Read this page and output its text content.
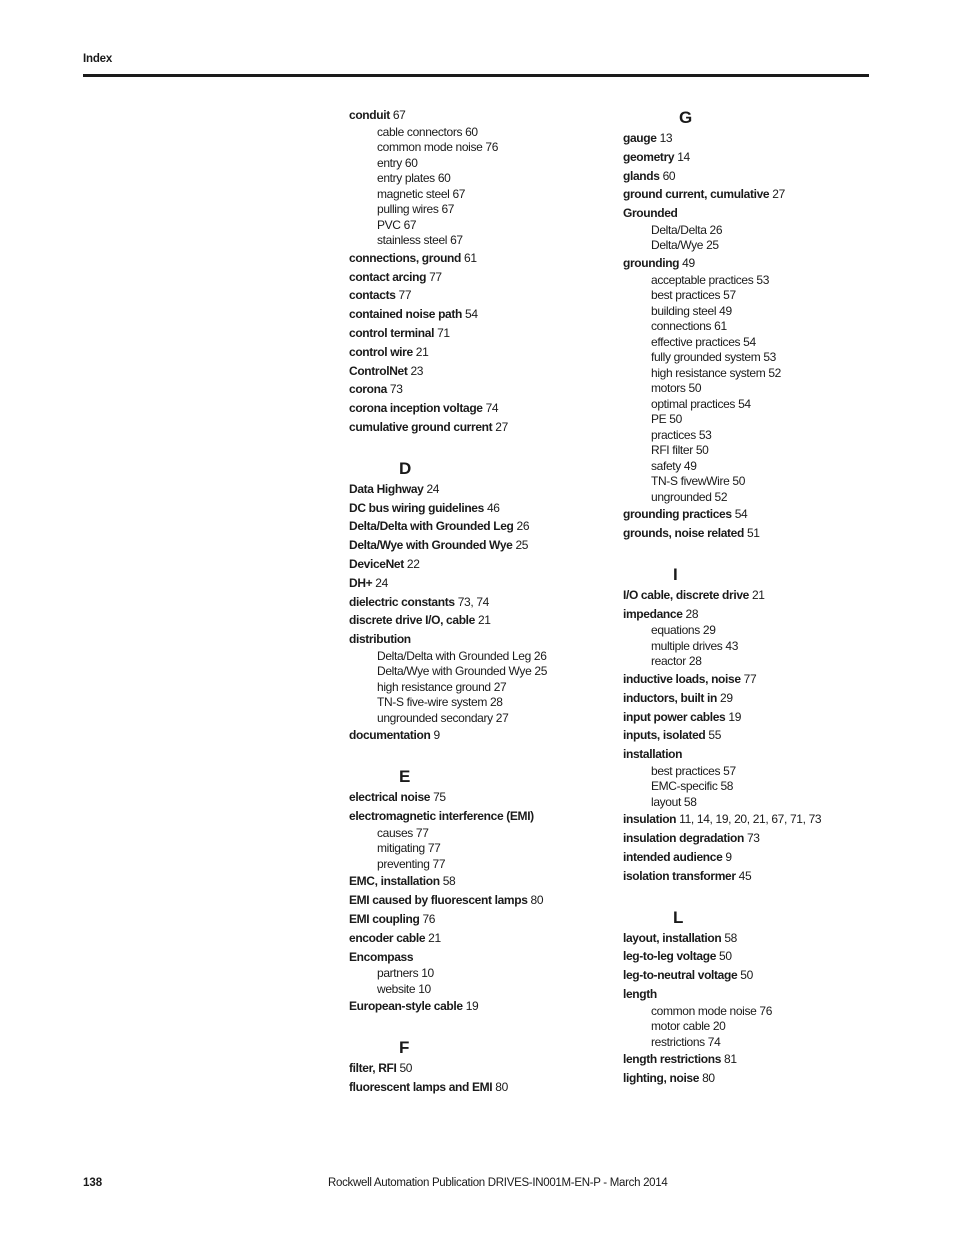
Index
conduit 67
cable connectors 60
common mode noise 76
entry 60
entry plates 60
magnetic steel 67
pulling wires 67
PVC 67
stainless steel 67
connections, ground 61
contact arcing 77
contacts 77
contained noise path 54
control terminal 71
control wire 21
ControlNet 23
corona 73
corona inception voltage 74
cumulative ground current 27
D
Data Highway 24
DC bus wiring guidelines 46
Delta/Delta with Grounded Leg 26
Delta/Wye with Grounded Wye 25
DeviceNet 22
DH+ 24
dielectric constants 73, 74
discrete drive I/O, cable 21
distribution
Delta/Delta with Grounded Leg 26
Delta/Wye with Grounded Wye 25
high resistance ground 27
TN-S five-wire system 28
ungrounded secondary 27
documentation 9
E
electrical noise 75
electromagnetic interference (EMI)
causes 77
mitigating 77
preventing 77
EMC, installation 58
EMI caused by fluorescent lamps 80
EMI coupling 76
encoder cable 21
Encompass
partners 10
website 10
European-style cable 19
F
filter, RFI 50
fluorescent lamps and EMI 80
G
gauge 13
geometry 14
glands 60
ground current, cumulative 27
Grounded
Delta/Delta 26
Delta/Wye 25
grounding 49
acceptable practices 53
best practices 57
building steel 49
connections 61
effective practices 54
fully grounded system 53
high resistance system 52
motors 50
optimal practices 54
PE 50
practices 53
RFI filter 50
safety 49
TN-S fivewWire 50
ungrounded 52
grounding practices 54
grounds, noise related 51
I
I/O cable, discrete drive 21
impedance 28
equations 29
multiple drives 43
reactor 28
inductive loads, noise 77
inductors, built in 29
input power cables 19
inputs, isolated 55
installation
best practices 57
EMC-specific 58
layout 58
insulation 11, 14, 19, 20, 21, 67, 71, 73
insulation degradation 73
intended audience 9
isolation transformer 45
L
layout, installation 58
leg-to-leg voltage 50
leg-to-neutral voltage 50
length
common mode noise 76
motor cable 20
restrictions 74
length restrictions 81
lighting, noise 80
138	Rockwell Automation Publication DRIVES-IN001M-EN-P - March 2014
